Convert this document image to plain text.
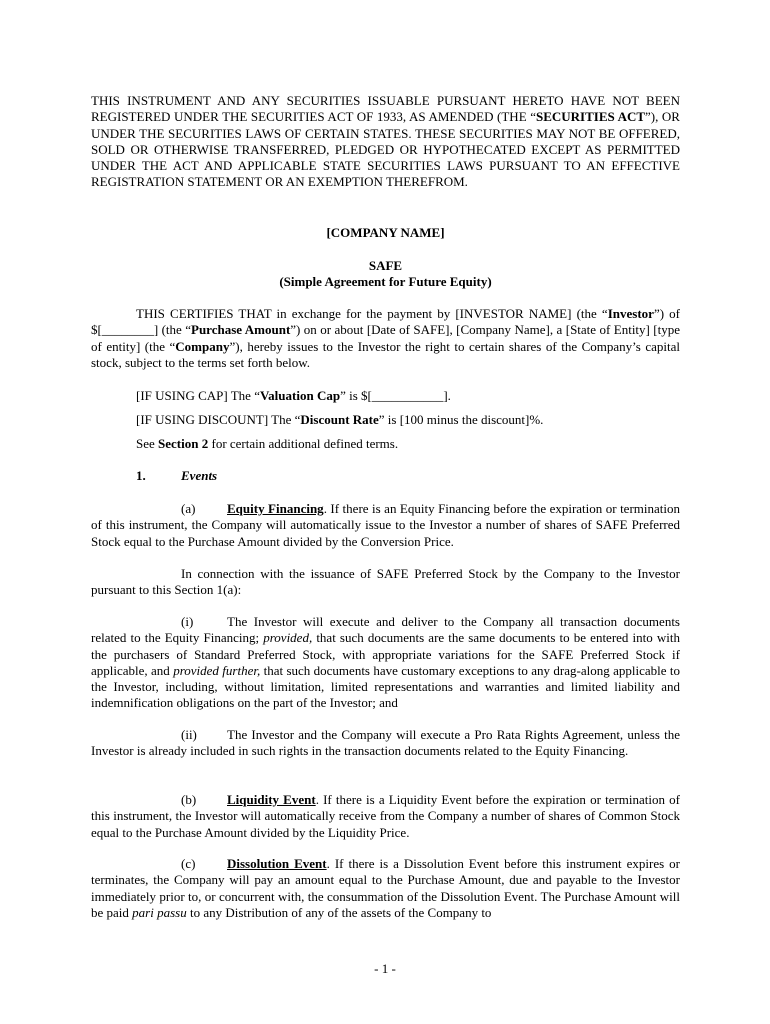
THIS INSTRUMENT AND ANY SECURITIES ISSUABLE PURSUANT HERETO HAVE NOT BEEN REGISTERED UNDER THE SECURITIES ACT OF 1933, AS AMENDED (THE “SECURITIES ACT”), OR UNDER THE SECURITIES LAWS OF CERTAIN STATES. THESE SECURITIES MAY NOT BE OFFERED, SOLD OR OTHERWISE TRANSFERRED, PLEDGED OR HYPOTHECATED EXCEPT AS PERMITTED UNDER THE ACT AND APPLICABLE STATE SECURITIES LAWS PURSUANT TO AN EFFECTIVE REGISTRATION STATEMENT OR AN EXEMPTION THEREFROM.

[COMPANY NAME]

SAFE

(Simple Agreement for Future Equity)

THIS CERTIFIES THAT in exchange for the payment by [INVESTOR NAME] (the “Investor”) of $[________] (the “Purchase Amount”) on or about [Date of SAFE], [Company Name], a [State of Entity] [type of entity] (the “Company”), hereby issues to the Investor the right to certain shares of the Company’s capital stock, subject to the terms set forth below.

[IF USING CAP] The “Valuation Cap” is $[___________].

[IF USING DISCOUNT] The “Discount Rate” is [100 minus the discount]%.

See Section 2 for certain additional defined terms.

1.	Events

(a) Equity Financing. If there is an Equity Financing before the expiration or termination of this instrument, the Company will automatically issue to the Investor a number of shares of SAFE Preferred Stock equal to the Purchase Amount divided by the Conversion Price.

In connection with the issuance of SAFE Preferred Stock by the Company to the Investor pursuant to this Section 1(a):

(i)	The Investor will execute and deliver to the Company all transaction documents related to the Equity Financing; provided, that such documents are the same documents to be entered into with the purchasers of Standard Preferred Stock, with appropriate variations for the SAFE Preferred Stock if applicable, and provided further, that such documents have customary exceptions to any drag-along applicable to the Investor, including, without limitation, limited representations and warranties and limited liability and indemnification obligations on the part of the Investor; and

(ii) The Investor and the Company will execute a Pro Rata Rights Agreement, unless the Investor is already included in such rights in the transaction documents related to the Equity Financing.

(b) Liquidity Event. If there is a Liquidity Event before the expiration or termination of this instrument, the Investor will automatically receive from the Company a number of shares of Common Stock equal to the Purchase Amount divided by the Liquidity Price.

(c) Dissolution Event. If there is a Dissolution Event before this instrument expires or terminates, the Company will pay an amount equal to the Purchase Amount, due and payable to the Investor immediately prior to, or concurrent with, the consummation of the Dissolution Event. The Purchase Amount will be paid pari passu to any Distribution of any of the assets of the Company to

- 1 -
